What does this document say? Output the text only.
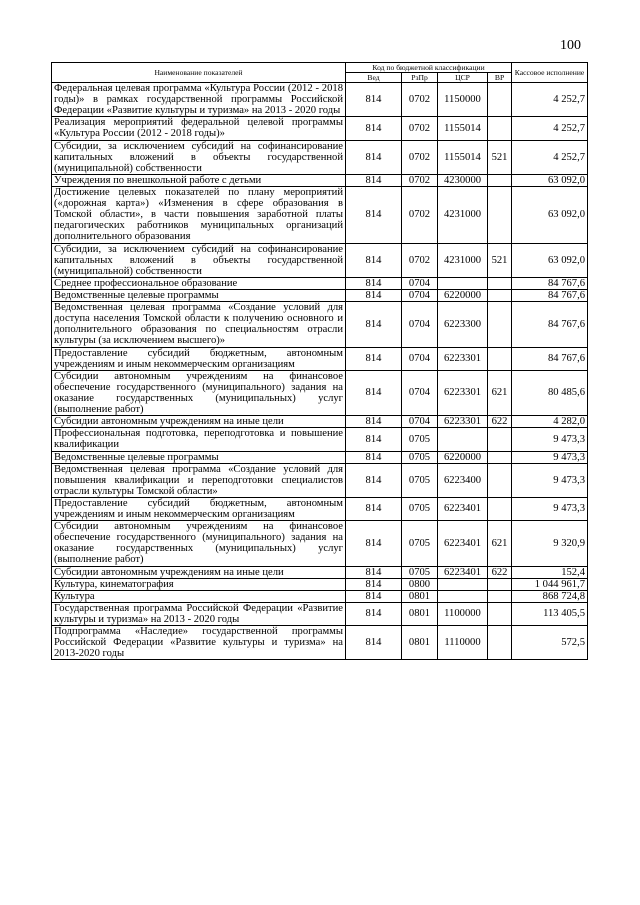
100
Наименование показателей	Код по бюджетной классификации				Кассовое исполнение
	Вед	РзПр	ЦСР	ВР	
Федеральная целевая программа «Культура России (2012 - 2018 годы)» в рамках государственной программы Российской Федерации «Развитие культуры и туризма» на 2013 - 2020 годы	814	0702	1150000		4 252,7
Реализация мероприятий федеральной целевой программы «Культура России (2012 - 2018 годы)»	814	0702	1155014		4 252,7
Субсидии, за исключением субсидий на софинансирование капитальных вложений в объекты государственной (муниципальной) собственности	814	0702	1155014	521	4 252,7
Учреждения по внешкольной работе с детьми	814	0702	4230000		63 092,0
Достижение целевых показателей по плану мероприятий («дорожная карта») «Изменения в сфере образования в Томской области», в части повышения заработной платы педагогических работников муниципальных организаций дополнительного образования	814	0702	4231000		63 092,0
Субсидии, за исключением субсидий на софинансирование капитальных вложений в объекты государственной (муниципальной) собственности	814	0702	4231000	521	63 092,0
Среднее профессиональное образование	814	0704			84 767,6
Ведомственные целевые программы	814	0704	6220000		84 767,6
Ведомственная целевая программа «Создание условий для доступа населения Томской области к получению основного и дополнительного образования по специальностям отрасли культуры (за исключением высшего)»	814	0704	6223300		84 767,6
Предоставление субсидий бюджетным, автономным учреждениям и иным некоммерческим организациям	814	0704	6223301		84 767,6
Субсидии автономным учреждениям на финансовое обеспечение государственного (муниципального) задания на оказание государственных (муниципальных) услуг (выполнение работ)	814	0704	6223301	621	80 485,6
Субсидии автономным учреждениям на иные цели	814	0704	6223301	622	4 282,0
Профессиональная подготовка, переподготовка и повышение квалификации	814	0705			9 473,3
Ведомственные целевые программы	814	0705	6220000		9 473,3
Ведомственная целевая программа «Создание условий для повышения квалификации и переподготовки специалистов отрасли культуры Томской области»	814	0705	6223400		9 473,3
Предоставление субсидий бюджетным, автономным учреждениям и иным некоммерческим организациям	814	0705	6223401		9 473,3
Субсидии автономным учреждениям на финансовое обеспечение государственного (муниципального) задания на оказание государственных (муниципальных) услуг (выполнение работ)	814	0705	6223401	621	9 320,9
Субсидии автономным учреждениям на иные цели	814	0705	6223401	622	152,4
Культура, кинематография	814	0800			1 044 961,7
Культура	814	0801			868 724,8
Государственная программа Российской Федерации «Развитие культуры и туризма» на 2013 - 2020 годы	814	0801	1100000		113 405,5
Подпрограмма «Наследие» государственной программы Российской Федерации «Развитие культуры и туризма» на 2013-2020 годы	814	0801	1110000		572,5
